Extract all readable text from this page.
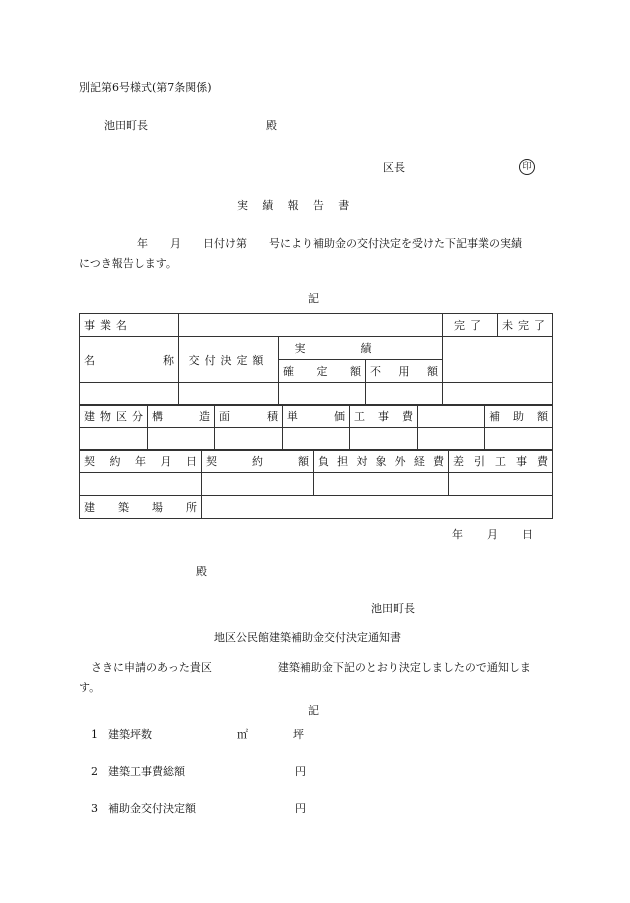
別記第6号様式(第7条関係)
池田町長	殿
区長	印
実績報告書
年　　月　　日付け第　　号により補助金の交付決定を受けた下記事業の実績
につき報告します。
記
事業名				完了	未完了

名称	交付決定額	実績			

		確定額	不用額		

建物区分	構造	面積	単価	工事費		補助額

契約年月日	契約額	負担対象外経費	差引工事費

建築場所			

年 月 日
殿
池田町長
地区公民館建築補助金交付決定通知書
さきに申請のあった貴区　　　　　　建築補助金下記のとおり決定しましたので通知しま
す。
記
1 建築坪数	㎡	坪
2 建築工事費総額	円
3 補助金交付決定額	円
